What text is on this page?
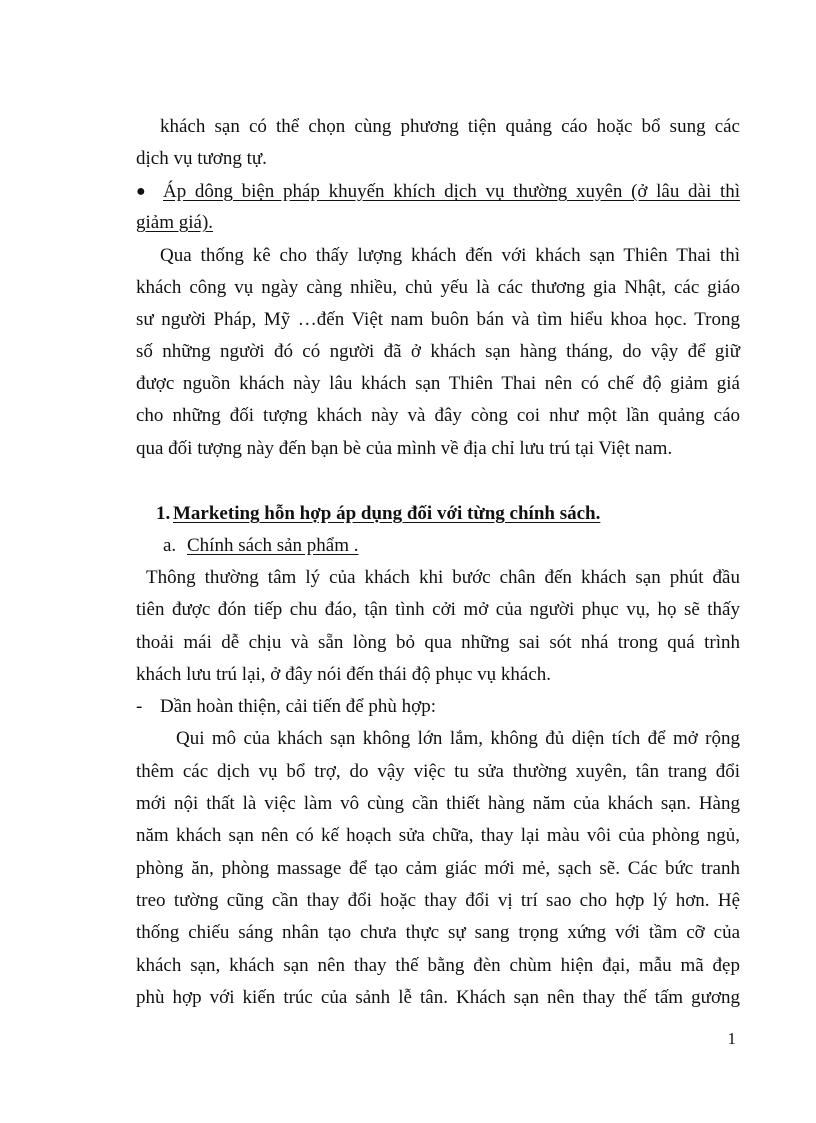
khách sạn có thể chọn cùng phương tiện quảng cáo hoặc bổ sung các
dịch vụ tương tự.
● Áp dông biện pháp khuyến khích dịch vụ thường xuyên (ở lâu dài thì
giảm giá).
Qua thống kê cho thấy lượng khách đến với khách sạn Thiên Thai thì
khách công vụ ngày càng nhiều, chủ yếu là các thương gia Nhật, các giáo
sư người Pháp, Mỹ …đến Việt nam buôn bán và tìm hiểu khoa học. Trong
số những người đó có người đã ở khách sạn hàng tháng, do vậy để giữ
được nguồn khách này lâu khách sạn Thiên Thai nên có chế độ giảm giá
cho những đối tượng khách này và đây còng coi như một lần quảng cáo
qua đối tượng này đến bạn bè của mình về địa chỉ lưu trú tại Việt nam.
1. Marketing hỗn hợp áp dụng đối với từng chính sách.
a. Chính sách sản phẩm .
Thông thường tâm lý của khách khi bước chân đến khách sạn phút đầu
tiên được đón tiếp chu đáo, tận tình cởi mở của người phục vụ, họ sẽ thấy
thoải mái dễ chịu và sẵn lòng bỏ qua những sai sót nhá trong quá trình
khách lưu trú lại, ở đây nói đến thái độ phục vụ khách.
- Dần hoàn thiện, cải tiến để phù hợp:
Qui mô của khách sạn không lớn lắm, không đủ diện tích để mở rộng
thêm các dịch vụ bổ trợ, do vậy việc tu sửa thường xuyên, tân trang đổi
mới nội thất là việc làm vô cùng cần thiết hàng năm của khách sạn. Hàng
năm khách sạn nên có kế hoạch sửa chữa, thay lại màu vôi của phòng ngủ,
phòng ăn, phòng massage để tạo cảm giác mới mẻ, sạch sẽ. Các bức tranh
treo tường cũng cần thay đổi hoặc thay đổi vị trí sao cho hợp lý hơn. Hệ
thống chiếu sáng nhân tạo chưa thực sự sang trọng xứng với tầm cỡ của
khách sạn, khách sạn nên thay thế bằng đèn chùm hiện đại, mẫu mã đẹp
phù hợp với kiến trúc của sảnh lễ tân. Khách sạn nên thay thế tấm gương
1
